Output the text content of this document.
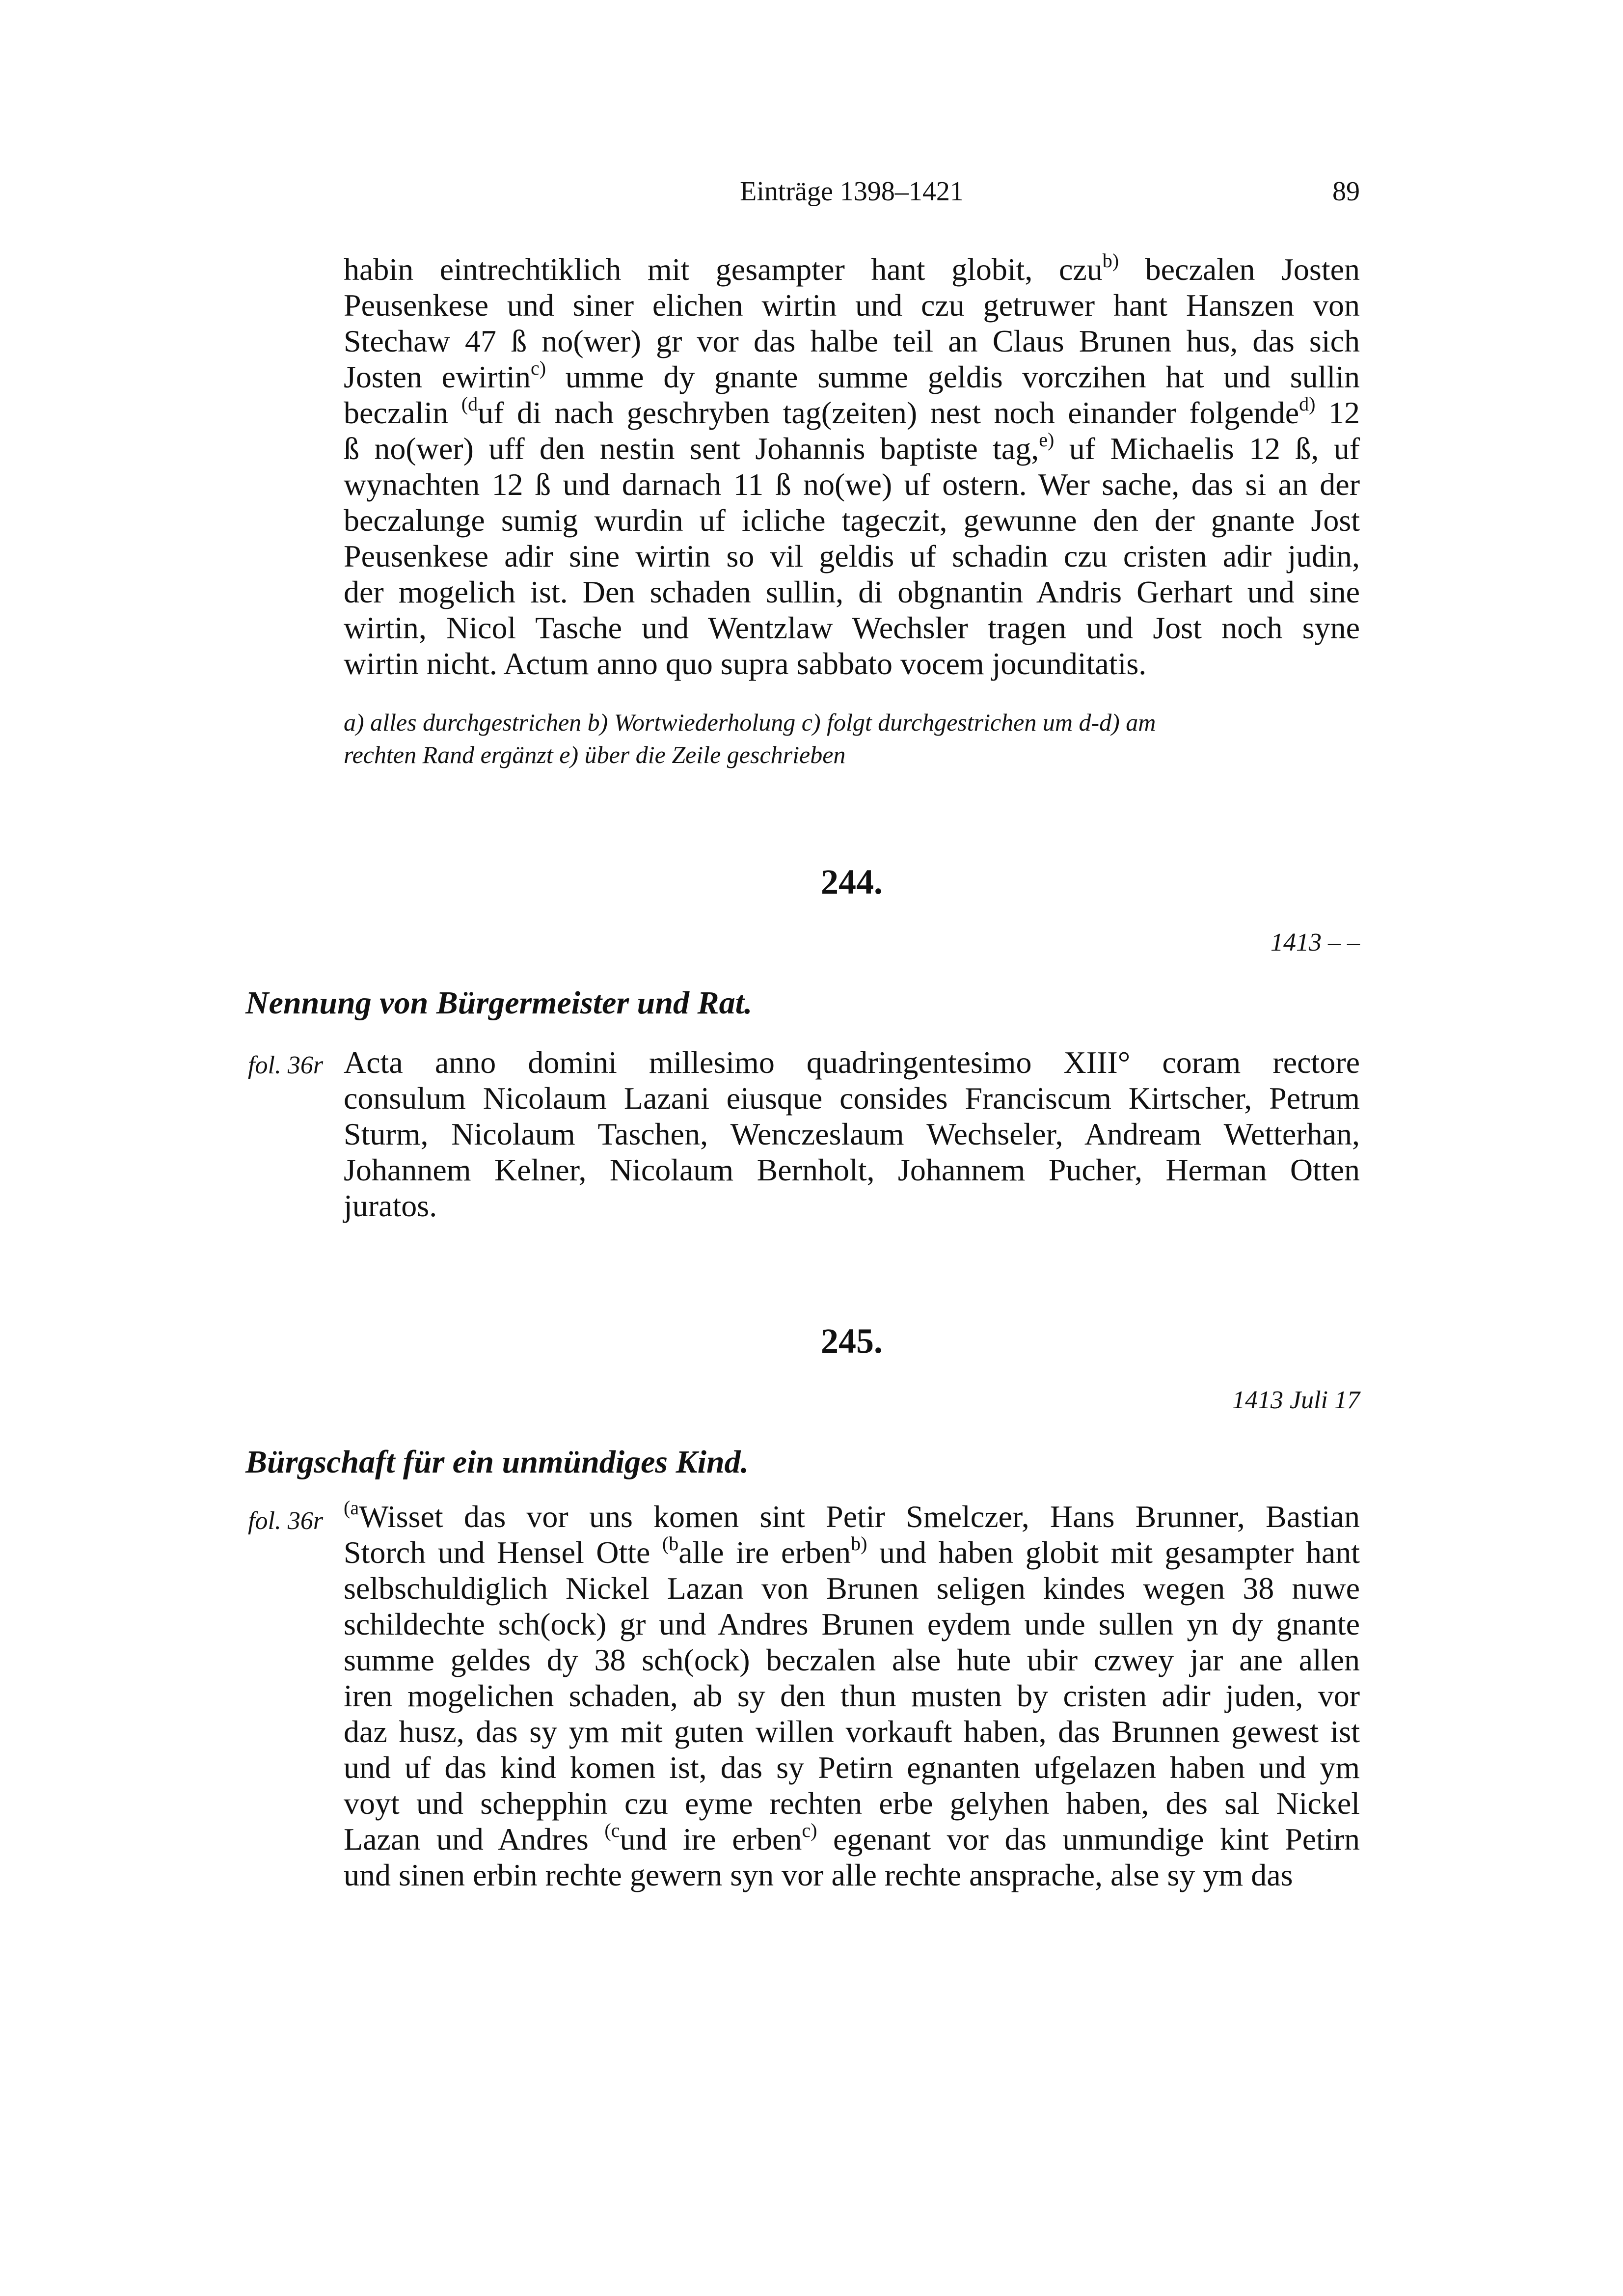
Einträge 1398–1421	89

habin eintrechtiklich mit gesampter hant globit, czu$^{b)}$ beczalen Josten
Peusenkese und siner elichen wirtin und czu getruwer hant Hanszen von
Stechaw 47 ß no(wer) gr vor das halbe teil an Claus Brunen hus, das sich
Josten ewirtin$^{c)}$ umme dy gnante summe geldis vorczihen hat und sullin
beczalin $^{(d}$uf di nach geschryben tag(zeiten) nest noch einander folgende$^{d)}$ 12
ß no(wer) uff den nestin sent Johannis baptiste tag,$^{e)}$ uf Michaelis 12 ß, uf
wynachten 12 ß und darnach 11 ß no(we) uf ostern. Wer sache, das si an der
beczalunge sumig wurdin uf icliche tageczit, gewunne den der gnante Jost
Peusenkese adir sine wirtin so vil geldis uf schadin czu cristen adir judin,
der mogelich ist. Den schaden sullin, di obgnantin Andris Gerhart und sine
wirtin, Nicol Tasche und Wentzlaw Wechsler tragen und Jost noch syne
wirtin nicht. Actum anno quo supra sabbato vocem jocunditatis.

a) alles durchgestrichen b) Wortwiederholung c) folgt durchgestrichen um d-d) am

rechten Rand ergänzt e) über die Zeile geschrieben

244.
1413 – –
Nennung von Bürgermeister und Rat.
fol. 36r Acta anno domini millesimo quadringentesimo XIII° coram rectore
consulum Nicolaum Lazani eiusque consides Franciscum Kirtscher, Petrum
Sturm, Nicolaum Taschen, Wenczeslaum Wechseler, Andream Wetterhan,
Johannem Kelner, Nicolaum Bernholt, Johannem Pucher, Herman Otten
juratos.

245.
1413 Juli 17
Bürgschaft für ein unmündiges Kind.
fol. 36r $^{(a}$Wisset das vor uns komen sint Petir Smelczer, Hans Brunner, Bastian
Storch und Hensel Otte $^{(b}$alle ire erben$^{b)}$ und haben globit mit gesampter hant
selbschuldiglich Nickel Lazan von Brunen seligen kindes wegen 38 nuwe
schildechte sch(ock) gr und Andres Brunen eydem unde sullen yn dy gnante
summe geldes dy 38 sch(ock) beczalen alse hute ubir czwey jar ane allen
iren mogelichen schaden, ab sy den thun musten by cristen adir juden, vor
daz husz, das sy ym mit guten willen vorkauft haben, das Brunnen gewest ist
und uf das kind komen ist, das sy Petirn egnanten ufgelazen haben und ym
voyt und schepphin czu eyme rechten erbe gelyhen haben, des sal Nickel
Lazan und Andres $^{(c}$und ire erben$^{c)}$ egenant vor das unmundige kint Petirn
und sinen erbin rechte gewern syn vor alle rechte ansprache, alse sy ym das
